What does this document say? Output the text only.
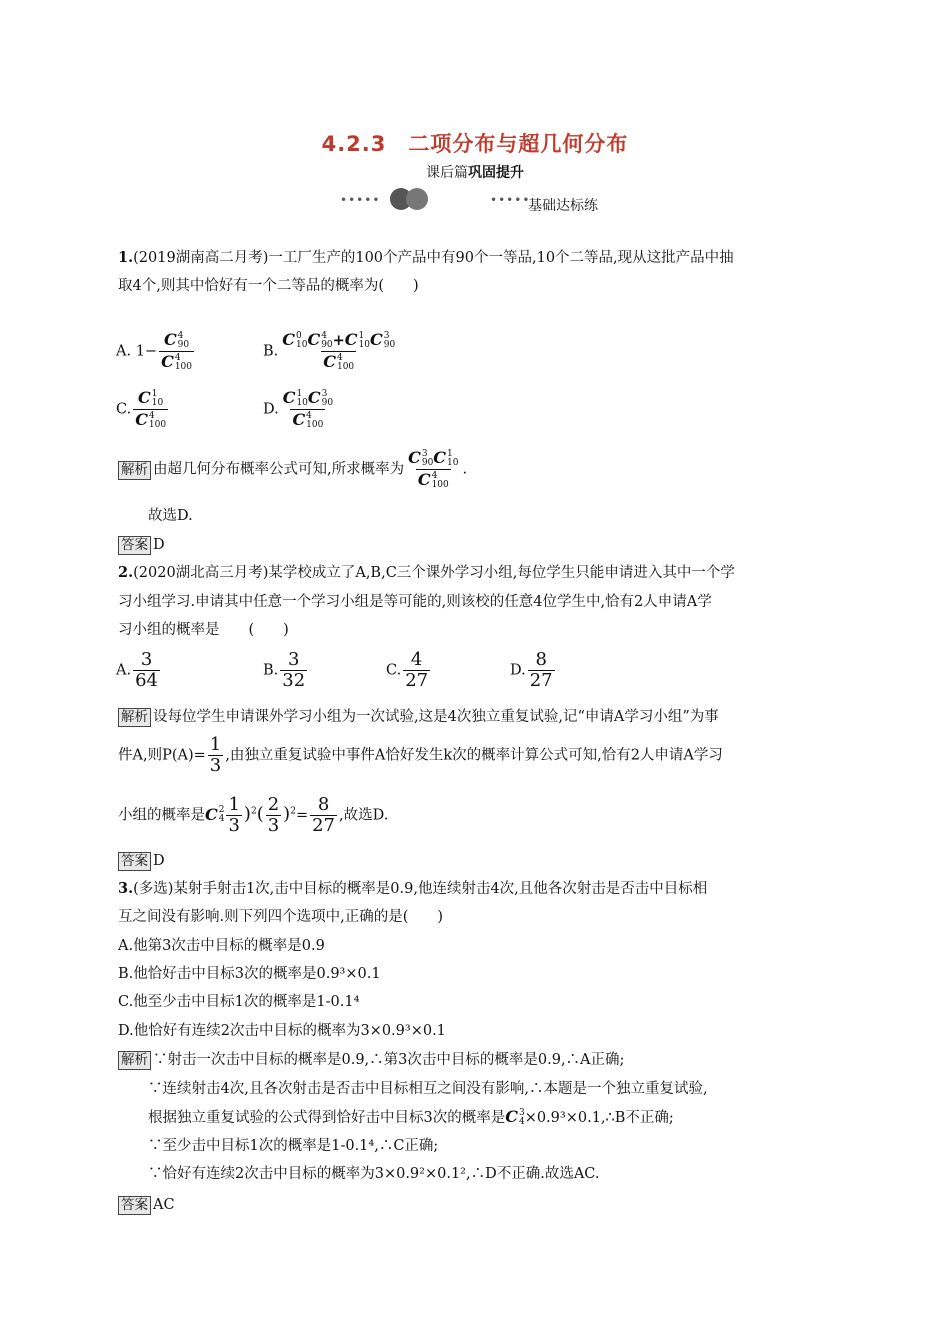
4.2.3　二项分布与超几何分布
课后篇巩固提升
•••••	•••••
基础达标练
1.(2019湖南高二月考)一工厂生产的100个产品中有90个一等品,10个二等品,现从这批产品中抽
取4个,则其中恰好有一个二等品的概率为(　　)
A. 1− C 4
90
C 4
100	B. C 0
10 C 4
90 +C 1
10 C 3
90
C 4
100
C. C 1
10
C 4
100	D. C 1
10 C 3
90
C 4
100
解析 由超几何分布概率公式可知,所求概率为 C 3
90 C 1
10
C 4
100 .
故选D.
答案 D
2.(2020湖北高三月考)某学校成立了A,B,C三个课外学习小组,每位学生只能申请进入其中一个学
习小组学习.申请其中任意一个学习小组是等可能的,则该校的任意4位学生中,恰有2人申请A学
习小组的概率是　　(　　)
A. $\frac{3}{64}$	B. $\frac{3}{32}$	C. $\frac{4}{27}$	D. $\frac{8}{27}$
解析 设每位学生申请课外学习小组为一次试验,这是4次独立重复试验,记“申请A学习小组”为事
件A,则$P(A)= \frac{1}{3}$ ,由独立重复试验中事件A恰好发生k次的概率计算公式可知,恰有2人申请A学习
小组的概率是C 2
$4 \frac{1}{3} )^2( \frac{2}{3} )^2= \frac{8}{27}$ ,故选D.
答案 D
3.(多选)某射手射击1次,击中目标的概率是0.9,他连续射击4次,且他各次射击是否击中目标相
互之间没有影响.则下列四个选项中,正确的是(　　)
A.他第3次击中目标的概率是0.9
B.他恰好击中目标3次的概率是0.9³×0.1
C.他至少击中目标1次的概率是1-0.1⁴
D.他恰好有连续2次击中目标的概率为3×0.9³×0.1
解析 ∵射击一次击中目标的概率是0.9,∴第3次击中目标的概率是0.9,∴A正确;
∵连续射击4次,且各次射击是否击中目标相互之间没有影响,∴本题是一个独立重复试验,
根据独立重复试验的公式得到恰好击中目标3次的概率是C 3
4 ×0.9³×0.1,∴B不正确;
∵至少击中目标1次的概率是1-0.1⁴,∴C正确;
∵恰好有连续2次击中目标的概率为3×0.9²×0.1²,∴D不正确.故选AC.
答案 AC
